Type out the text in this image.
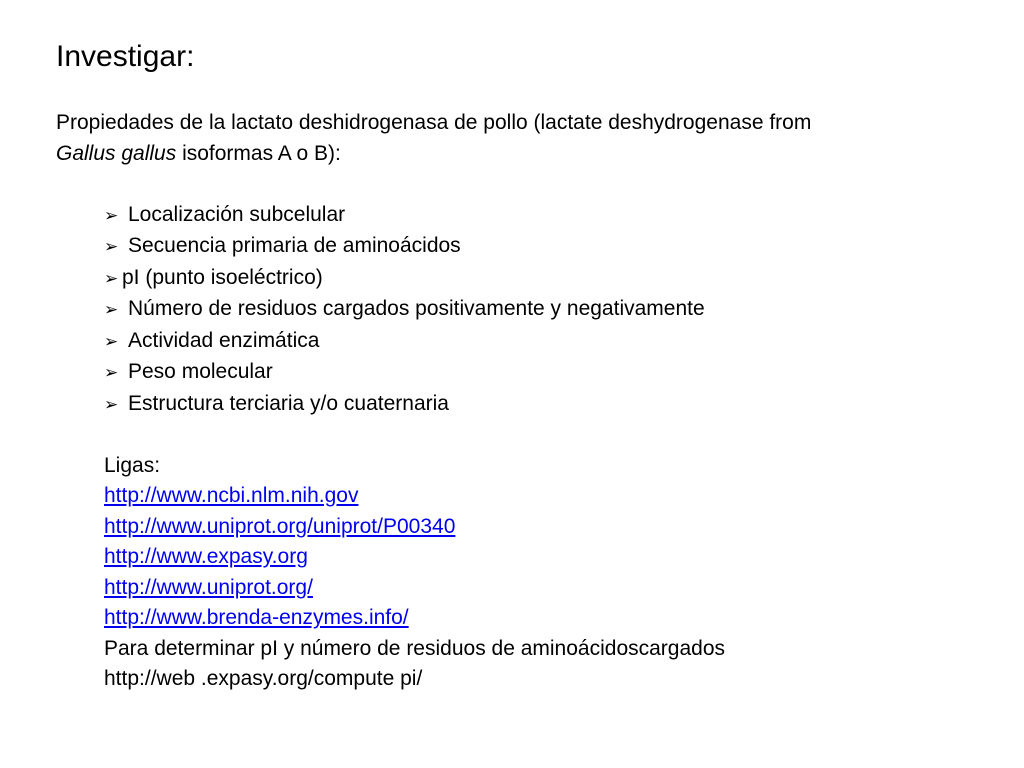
Investigar:

Propiedades de la lactato deshidrogenasa de pollo (lactate deshydrogenase from

Gallus gallus isoformas A o B):

➢ Localización subcelular
➢ Secuencia primaria de aminoácidos
➢ pI (punto isoeléctrico)
➢ Número de residuos cargados positivamente y negativamente
➢ Actividad enzimática
➢ Peso molecular
➢ Estructura terciaria y/o cuaternaria
Ligas:
http://www.ncbi.nlm.nih.gov
http://www.uniprot.org/uniprot/P00340
http://www.expasy.org
http://www.uniprot.org/
http://www.brenda-enzymes.info/
Para determinar pI y número de residuos de aminoácidoscargados
http://web .expasy.org/compute pi/
